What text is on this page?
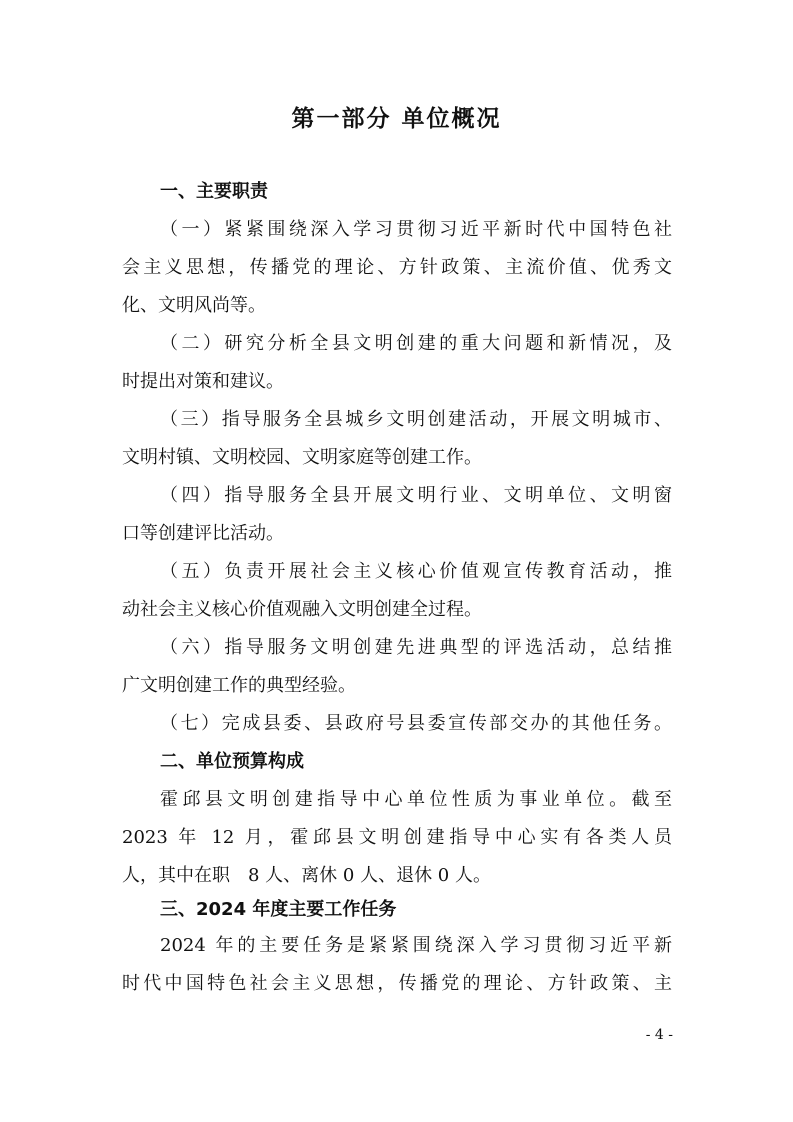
第一部分 单位概况

一、主要职责

（一）紧紧围绕深入学习贯彻习近平新时代中国特色社

会主义思想，传播党的理论、方针政策、主流价值、优秀文

化、文明风尚等。

（二）研究分析全县文明创建的重大问题和新情况，及

时提出对策和建议。

（三）指导服务全县城乡文明创建活动，开展文明城市、

文明村镇、文明校园、文明家庭等创建工作。

（四）指导服务全县开展文明行业、文明单位、文明窗

口等创建评比活动。

（五）负责开展社会主义核心价值观宣传教育活动，推

动社会主义核心价值观融入文明创建全过程。

（六）指导服务文明创建先进典型的评选活动，总结推

广文明创建工作的典型经验。

（七）完成县委、县政府号县委宣传部交办的其他任务。

二、单位预算构成

霍邱县文明创建指导中心单位性质为事业单位。截至

2023 年 12 月，霍邱县文明创建指导中心实有各类人员

人，其中在职　8 人、离休 0 人、退休 0 人。

三、2024 年度主要工作任务

2024 年的主要任务是紧紧围绕深入学习贯彻习近平新

时代中国特色社会主义思想，传播党的理论、方针政策、主

- 4 -
